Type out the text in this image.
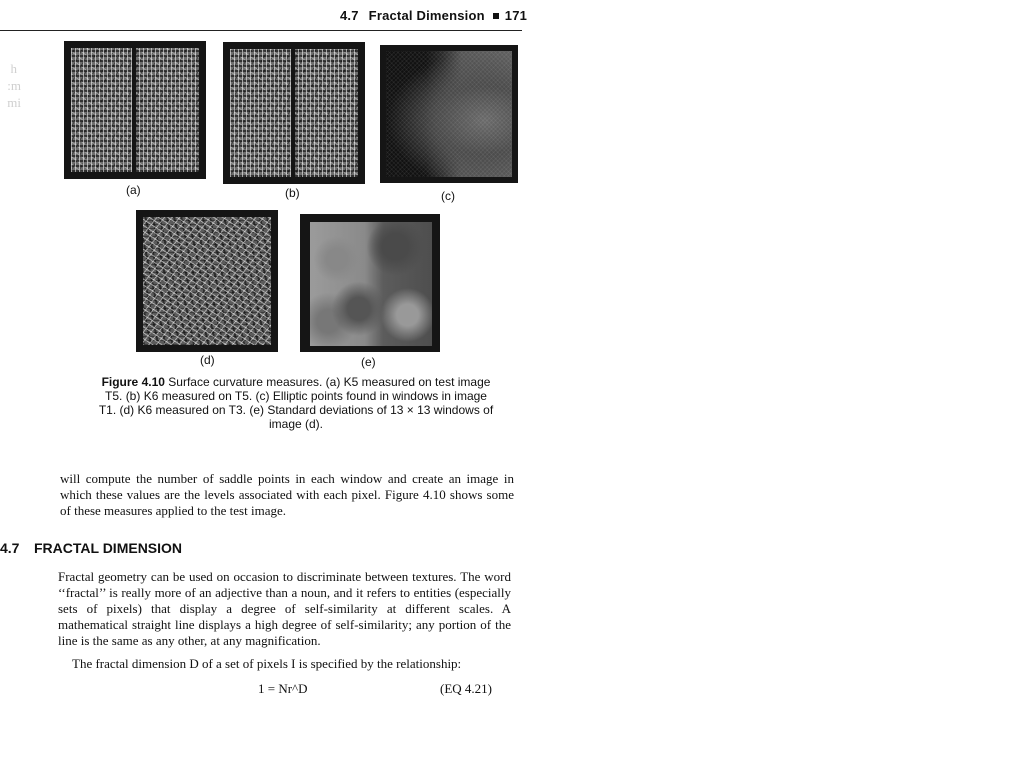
h
:m
mi

4.7 Fractal Dimension 171
(a)	(b)	(c)
(d)	(e)
Figure 4.10 Surface curvature measures. (a) K5 measured on test image T5. (b) K6 measured on T5. (c) Elliptic points found in windows in image T1. (d) K6 measured on T3. (e) Standard deviations of 13 × 13 windows of image (d).
will compute the number of saddle points in each window and create an image in which these values are the levels associated with each pixel. Figure 4.10 shows some of these measures applied to the test image.
4.7 FRACTAL DIMENSION
Fractal geometry can be used on occasion to discriminate between textures. The word ‘‘fractal’’ is really more of an adjective than a noun, and it refers to entities (especially sets of pixels) that display a degree of self-similarity at different scales. A mathematical straight line displays a high degree of self-similarity; any portion of the line is the same as any other, at any magnification.
The fractal dimension D of a set of pixels I is specified by the relationship:
1 = Nr^D	(EQ 4.21)
